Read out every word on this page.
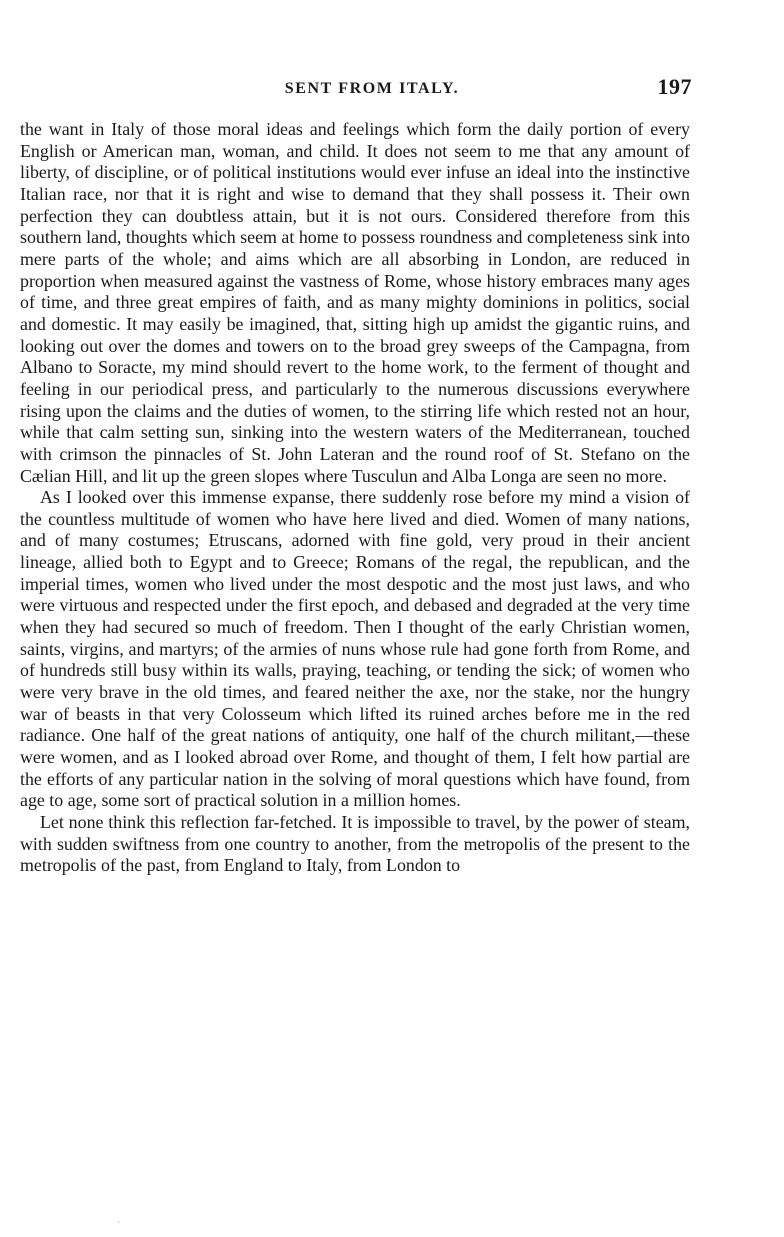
SENT FROM ITALY.	197

the want in Italy of those moral ideas and feelings which form the daily portion of every English or American man, woman, and child. It does not seem to me that any amount of liberty, of discipline, or of political institutions would ever infuse an ideal into the instinctive Italian race, nor that it is right and wise to demand that they shall possess it. Their own perfection they can doubtless attain, but it is not ours. Considered therefore from this southern land, thoughts which seem at home to possess roundness and completeness sink into mere parts of the whole; and aims which are all absorbing in London, are reduced in proportion when measured against the vastness of Rome, whose history embraces many ages of time, and three great empires of faith, and as many mighty dominions in politics, social and domestic. It may easily be imagined, that, sitting high up amidst the gigantic ruins, and looking out over the domes and towers on to the broad grey sweeps of the Campagna, from Albano to Soracte, my mind should revert to the home work, to the ferment of thought and feeling in our periodical press, and particularly to the numerous discussions everywhere rising upon the claims and the duties of women, to the stirring life which rested not an hour, while that calm setting sun, sinking into the western waters of the Mediterranean, touched with crimson the pinnacles of St. John Lateran and the round roof of St. Stefano on the Cælian Hill, and lit up the green slopes where Tusculun and Alba Longa are seen no more.

As I looked over this immense expanse, there suddenly rose before my mind a vision of the countless multitude of women who have here lived and died. Women of many nations, and of many costumes; Etruscans, adorned with fine gold, very proud in their ancient lineage, allied both to Egypt and to Greece; Romans of the regal, the republican, and the imperial times, women who lived under the most despotic and the most just laws, and who were virtuous and respected under the first epoch, and debased and degraded at the very time when they had secured so much of freedom. Then I thought of the early Christian women, saints, virgins, and martyrs; of the armies of nuns whose rule had gone forth from Rome, and of hundreds still busy within its walls, praying, teaching, or tending the sick; of women who were very brave in the old times, and feared neither the axe, nor the stake, nor the hungry war of beasts in that very Colosseum which lifted its ruined arches before me in the red radiance. One half of the great nations of antiquity, one half of the church militant,—these were women, and as I looked abroad over Rome, and thought of them, I felt how partial are the efforts of any particular nation in the solving of moral questions which have found, from age to age, some sort of practical solution in a million homes.

Let none think this reflection far-fetched. It is impossible to travel, by the power of steam, with sudden swiftness from one country to another, from the metropolis of the present to the metropolis of the past, from England to Italy, from London to

·
